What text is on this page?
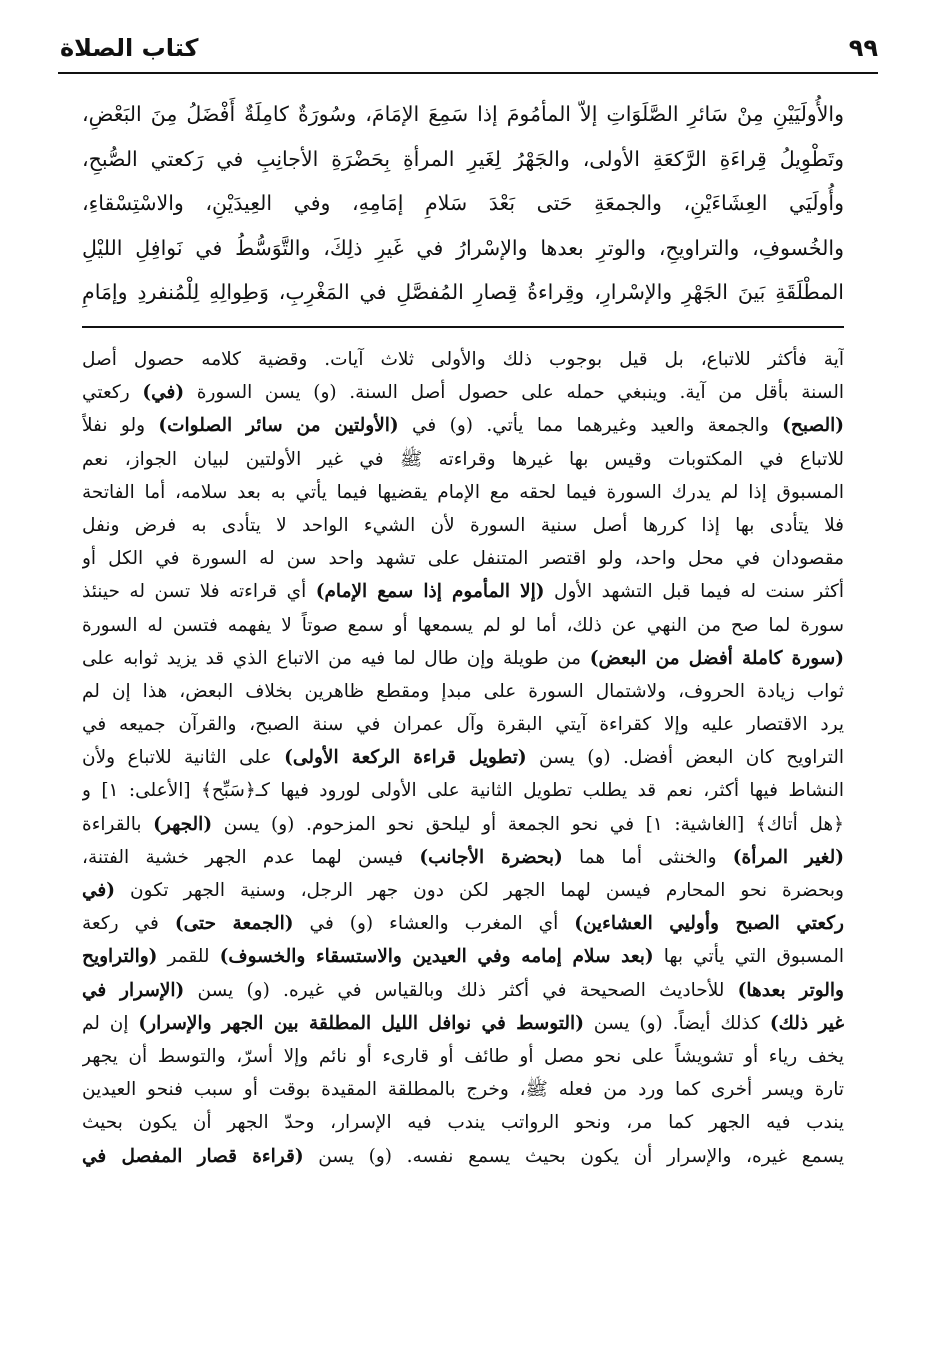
كتاب الصلاة	٩٩
والأُولَيَيْنِ مِنْ سَائرِ الصَّلَوَاتِ إلاّ المأمُومَ إذا سَمِعَ الإمَامَ، وسُورَةٌ كامِلَةٌ أَفْضَلُ مِنَ البَعْضِ،
وتَطْوِيلُ قِراءَةِ الرَّكعَةِ الأولى، والجَهْرُ لِغَيرِ المرأةِ بِحَضْرَةِ الأجانِبِ في رَكعتي الصُّبحِ،
وأُولَيَي العِشَاءَيْنِ، والجمعَةِ حَتى بَعْدَ سَلامِ إمَامِهِ، وفي العِيدَيْنِ، والاسْتِسْقاءِ،
والخُسوفِ، والتراويحِ، والوترِ بعدها والإسْرارُ في غَيرِ ذلِكَ، والتَّوَسُّطُ في نَوافِلِ الليْلِ
المطْلَقَةِ بَينَ الجَهْرِ والإسْرارِ، وقِراءةُ قِصارِ المُفصَّلِ في المَغْرِبِ، وَطِوالِهِ لِلْمُنفردِ وإمَامِ
آية فأكثر للاتباع، بل قيل بوجوب ذلك والأولى ثلاث آيات. وقضية كلامه حصول أصل
السنة بأقل من آية. وينبغي حمله على حصول أصل السنة. (و) يسن السورة (في) ركعتي
(الصبح) والجمعة والعيد وغيرهما مما يأتي. (و) في (الأولتين من سائر الصلوات) ولو نفلاً
للاتباع في المكتوبات وقيس بها غيرها وقراءته ﷺ في غير الأولتين لبيان الجواز، نعم
المسبوق إذا لم يدرك السورة فيما لحقه مع الإمام يقضيها فيما يأتي به بعد سلامه، أما الفاتحة
فلا يتأدى بها إذا كررها أصل سنية السورة لأن الشيء الواحد لا يتأدى به فرض ونفل
مقصودان في محل واحد، ولو اقتصر المتنفل على تشهد واحد سن له السورة في الكل أو
أكثر سنت له فيما قبل التشهد الأول (إلا المأموم إذا سمع الإمام) أي قراءته فلا تسن له حينئذ
سورة لما صح من النهي عن ذلك، أما لو لم يسمعها أو سمع صوتاً لا يفهمه فتسن له السورة
(سورة كاملة أفضل من البعض) من طويلة وإن طال لما فيه من الاتباع الذي قد يزيد ثوابه على
ثواب زيادة الحروف، ولاشتمال السورة على مبدإ ومقطع ظاهرين بخلاف البعض، هذا إن لم
يرد الاقتصار عليه وإلا كقراءة آيتي البقرة وآل عمران في سنة الصبح، والقرآن جميعه في
التراويح كان البعض أفضل. (و) يسن (تطويل قراءة الركعة الأولى) على الثانية للاتباع ولأن
النشاط فيها أكثر، نعم قد يطلب تطويل الثانية على الأولى لورود فيها كـ﴿سَبِّح﴾ [الأعلى: ١] و
﴿هل أتاك﴾ [الغاشية: ١] في نحو الجمعة أو ليلحق نحو المزحوم. (و) يسن (الجهر) بالقراءة
(لغير المرأة) والخنثى أما هما (بحضرة الأجانب) فيسن لهما عدم الجهر خشية الفتنة،
وبحضرة نحو المحارم فيسن لهما الجهر لكن دون جهر الرجل، وسنية الجهر تكون (في
ركعتي الصبح وأوليي العشاءين) أي المغرب والعشاء (و) في (الجمعة حتى) في ركعة
المسبوق التي يأتي بها (بعد سلام إمامه وفي العيدين والاستسقاء والخسوف) للقمر (والتراويح
والوتر بعدها) للأحاديث الصحيحة في أكثر ذلك وبالقياس في غيره. (و) يسن (الإسرار في
غير ذلك) كذلك أيضاً. (و) يسن (التوسط في نوافل الليل المطلقة بين الجهر والإسرار) إن لم
يخف رياء أو تشويشاً على نحو مصل أو طائف أو قارىء أو نائم وإلا أسرّ، والتوسط أن يجهر
تارة ويسر أخرى كما ورد من فعله ﷺ، وخرج بالمطلقة المقيدة بوقت أو سبب فنحو العيدين
يندب فيه الجهر كما مر، ونحو الرواتب يندب فيه الإسرار، وحدّ الجهر أن يكون بحيث
يسمع غيره، والإسرار أن يكون بحيث يسمع نفسه. (و) يسن (قراءة قصار المفصل في
